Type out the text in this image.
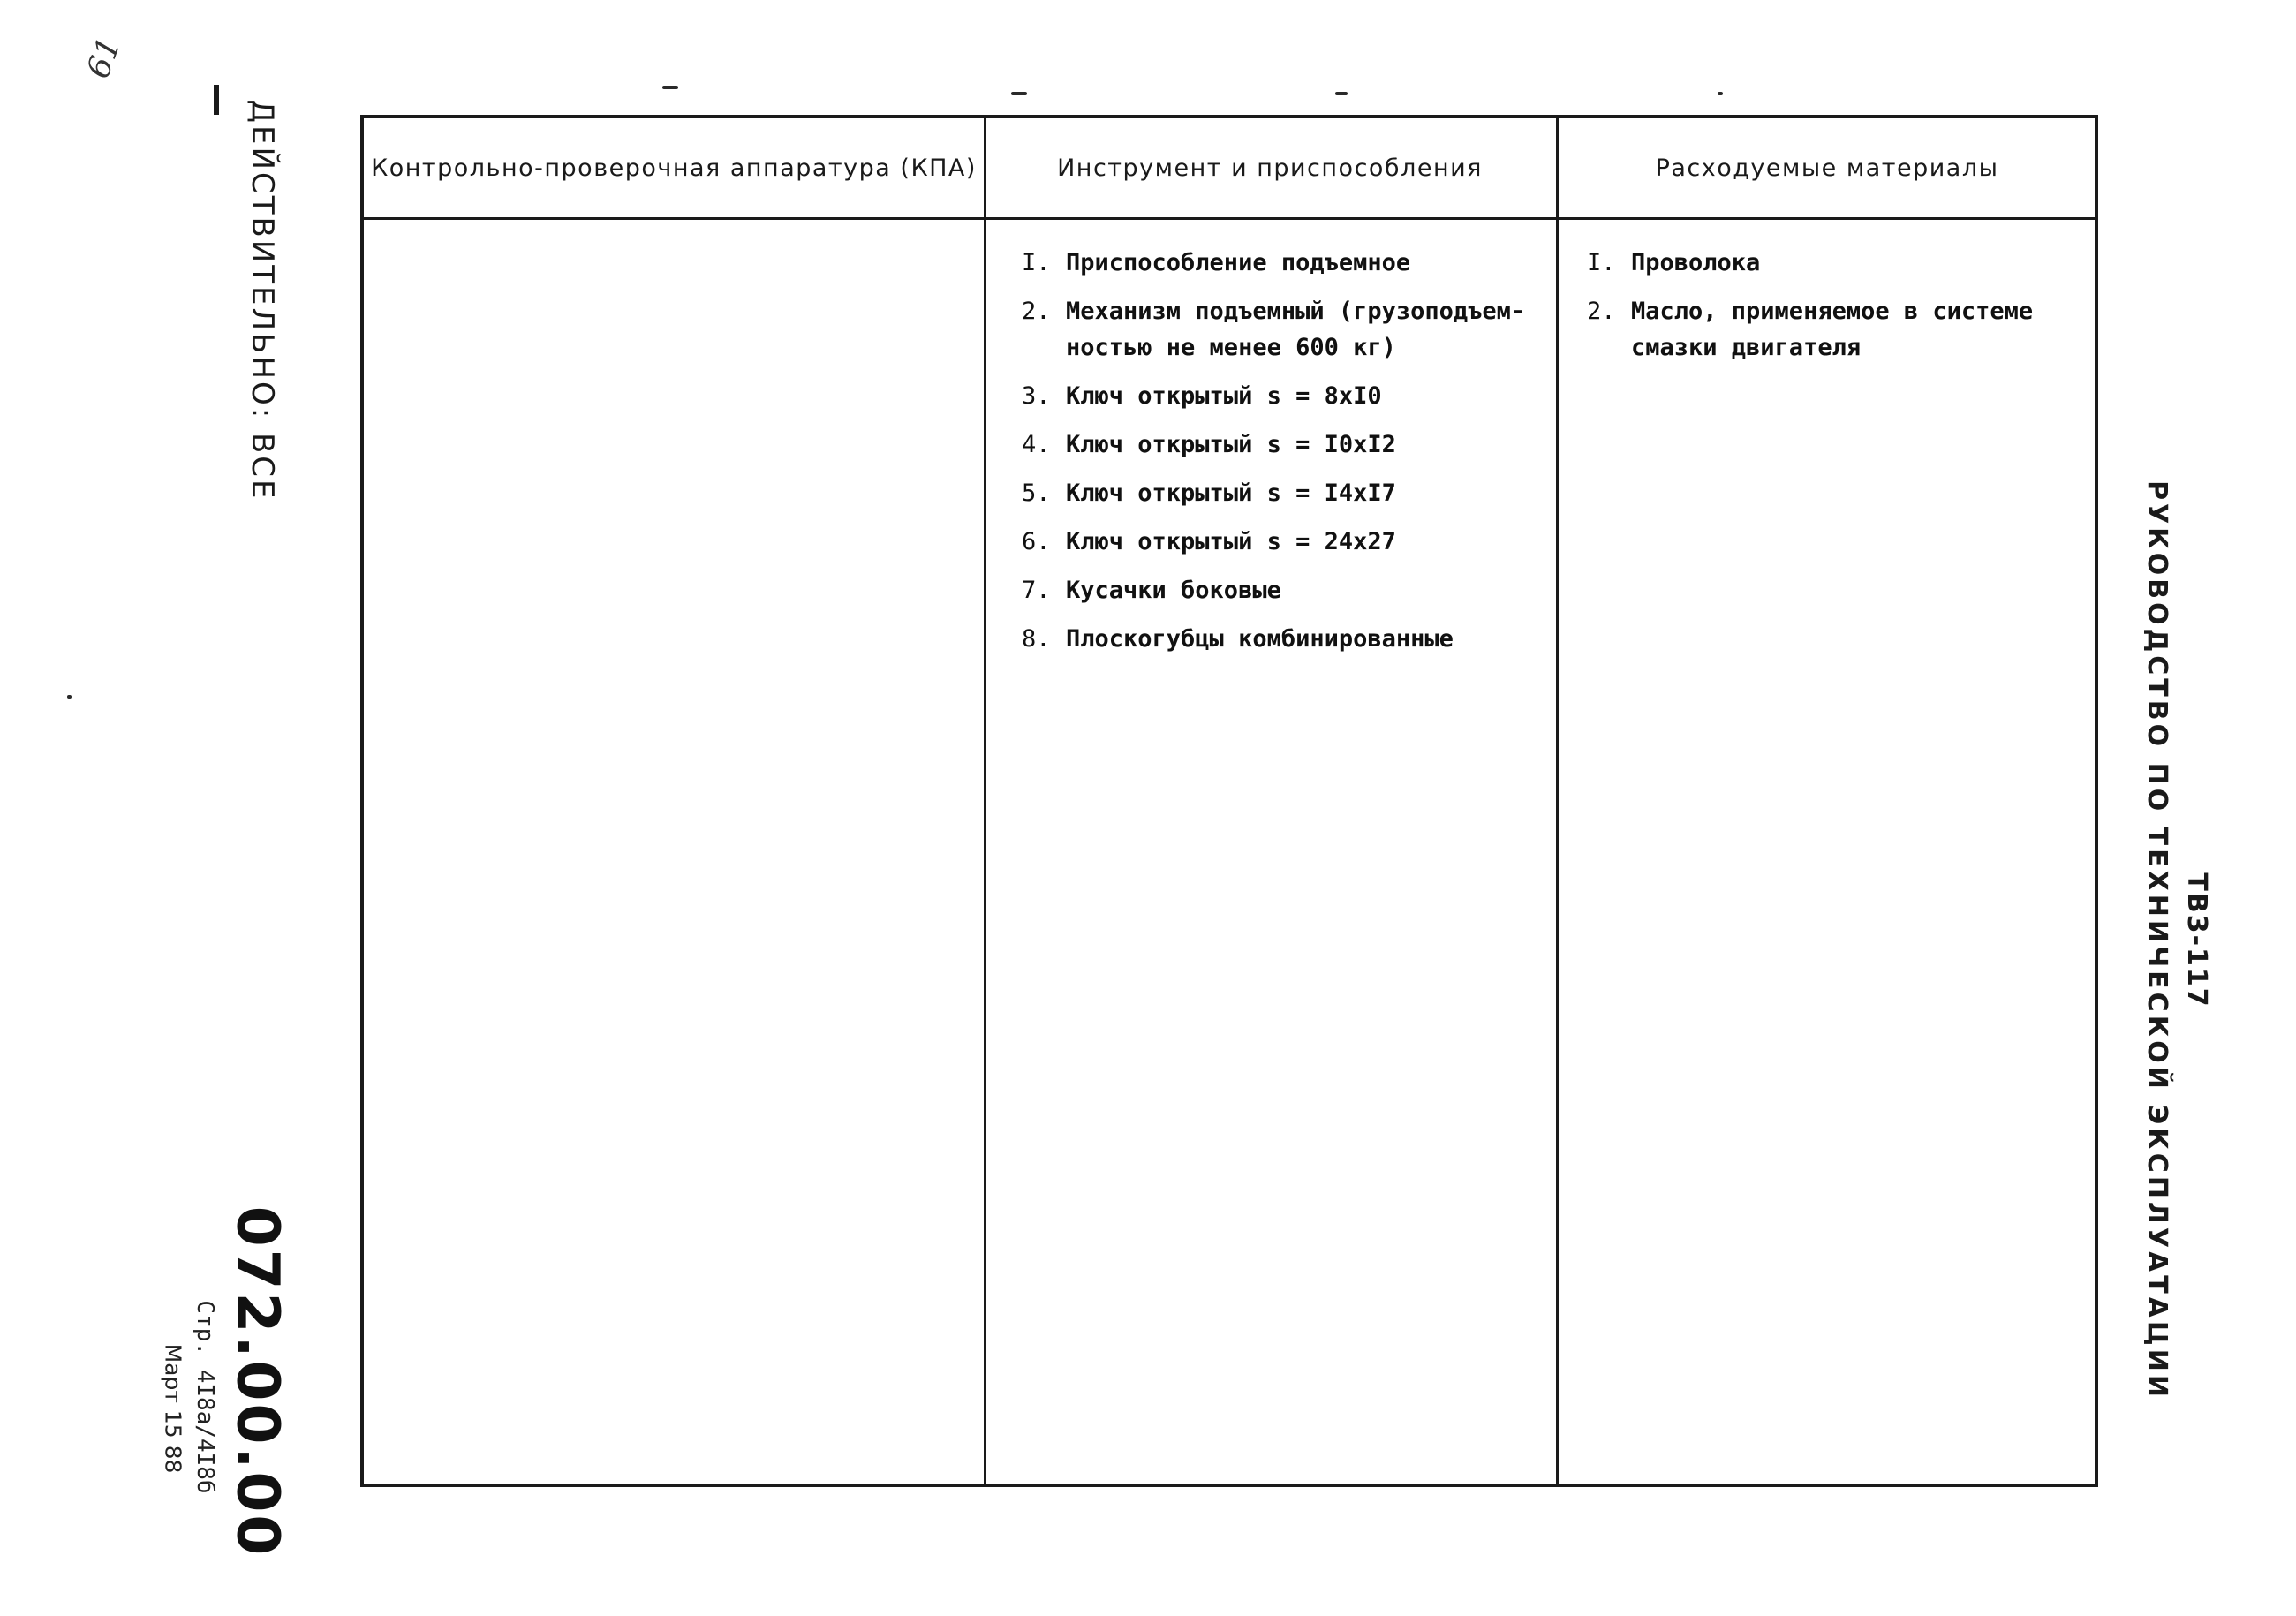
61
ДЕЙСТВИТЕЛЬНО: ВСЕ
072.00.00
Стр. 4I8а/4I8б
Март 15 88
Контрольно-проверочная аппаратура (КПА)	Инструмент и приспособления	Расходуемые материалы
I. Приспособление подъемное
2. Механизм подъемный (грузоподъем-ностью не менее 600 кг)
3. Ключ открытый s = 8xI0
4. Ключ открытый s = I0xI2
5. Ключ открытый s = I4xI7
6. Ключ открытый s = 24x27
7. Кусачки боковые
8. Плоскогубцы комбинированные
I. Проволока
2. Масло, применяемое в системе смазки двигателя
ТВ3-117
РУКОВОДСТВО ПО ТЕХНИЧЕСКОЙ ЭКСПЛУАТАЦИИ
